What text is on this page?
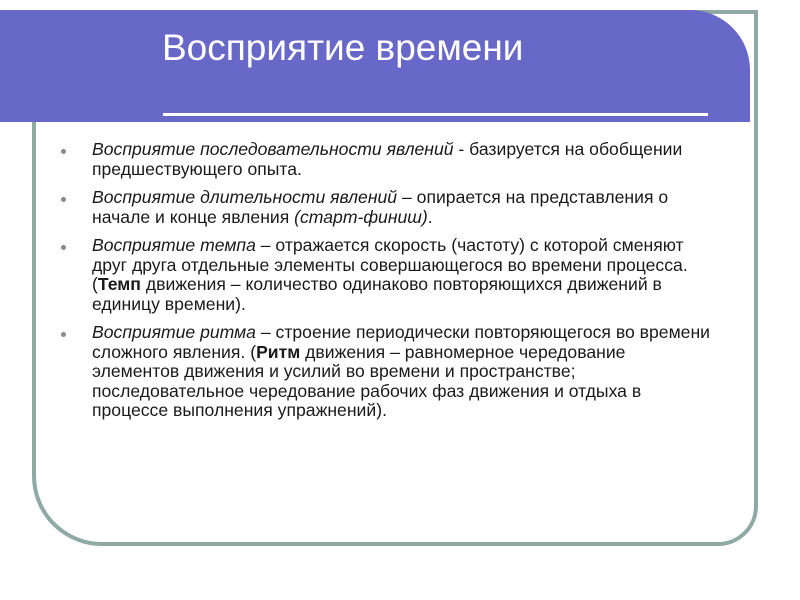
Восприятие времени
Восприятие последовательности явлений - базируется на обобщении предшествующего опыта.
Восприятие длительности явлений – опирается на представления о начале и конце явления (старт-финиш).
Восприятие темпа – отражается скорость (частоту) с которой сменяют друг друга отдельные элементы совершающегося во времени процесса. (Темп движения – количество одинаково повторяющихся движений в единицу времени).
Восприятие ритма – строение периодически повторяющегося во времени сложного явления. (Ритм движения – равномерное чередование элементов движения и усилий во времени и пространстве; последовательное чередование рабочих фаз движения и отдыха в процессе выполнения упражнений).
